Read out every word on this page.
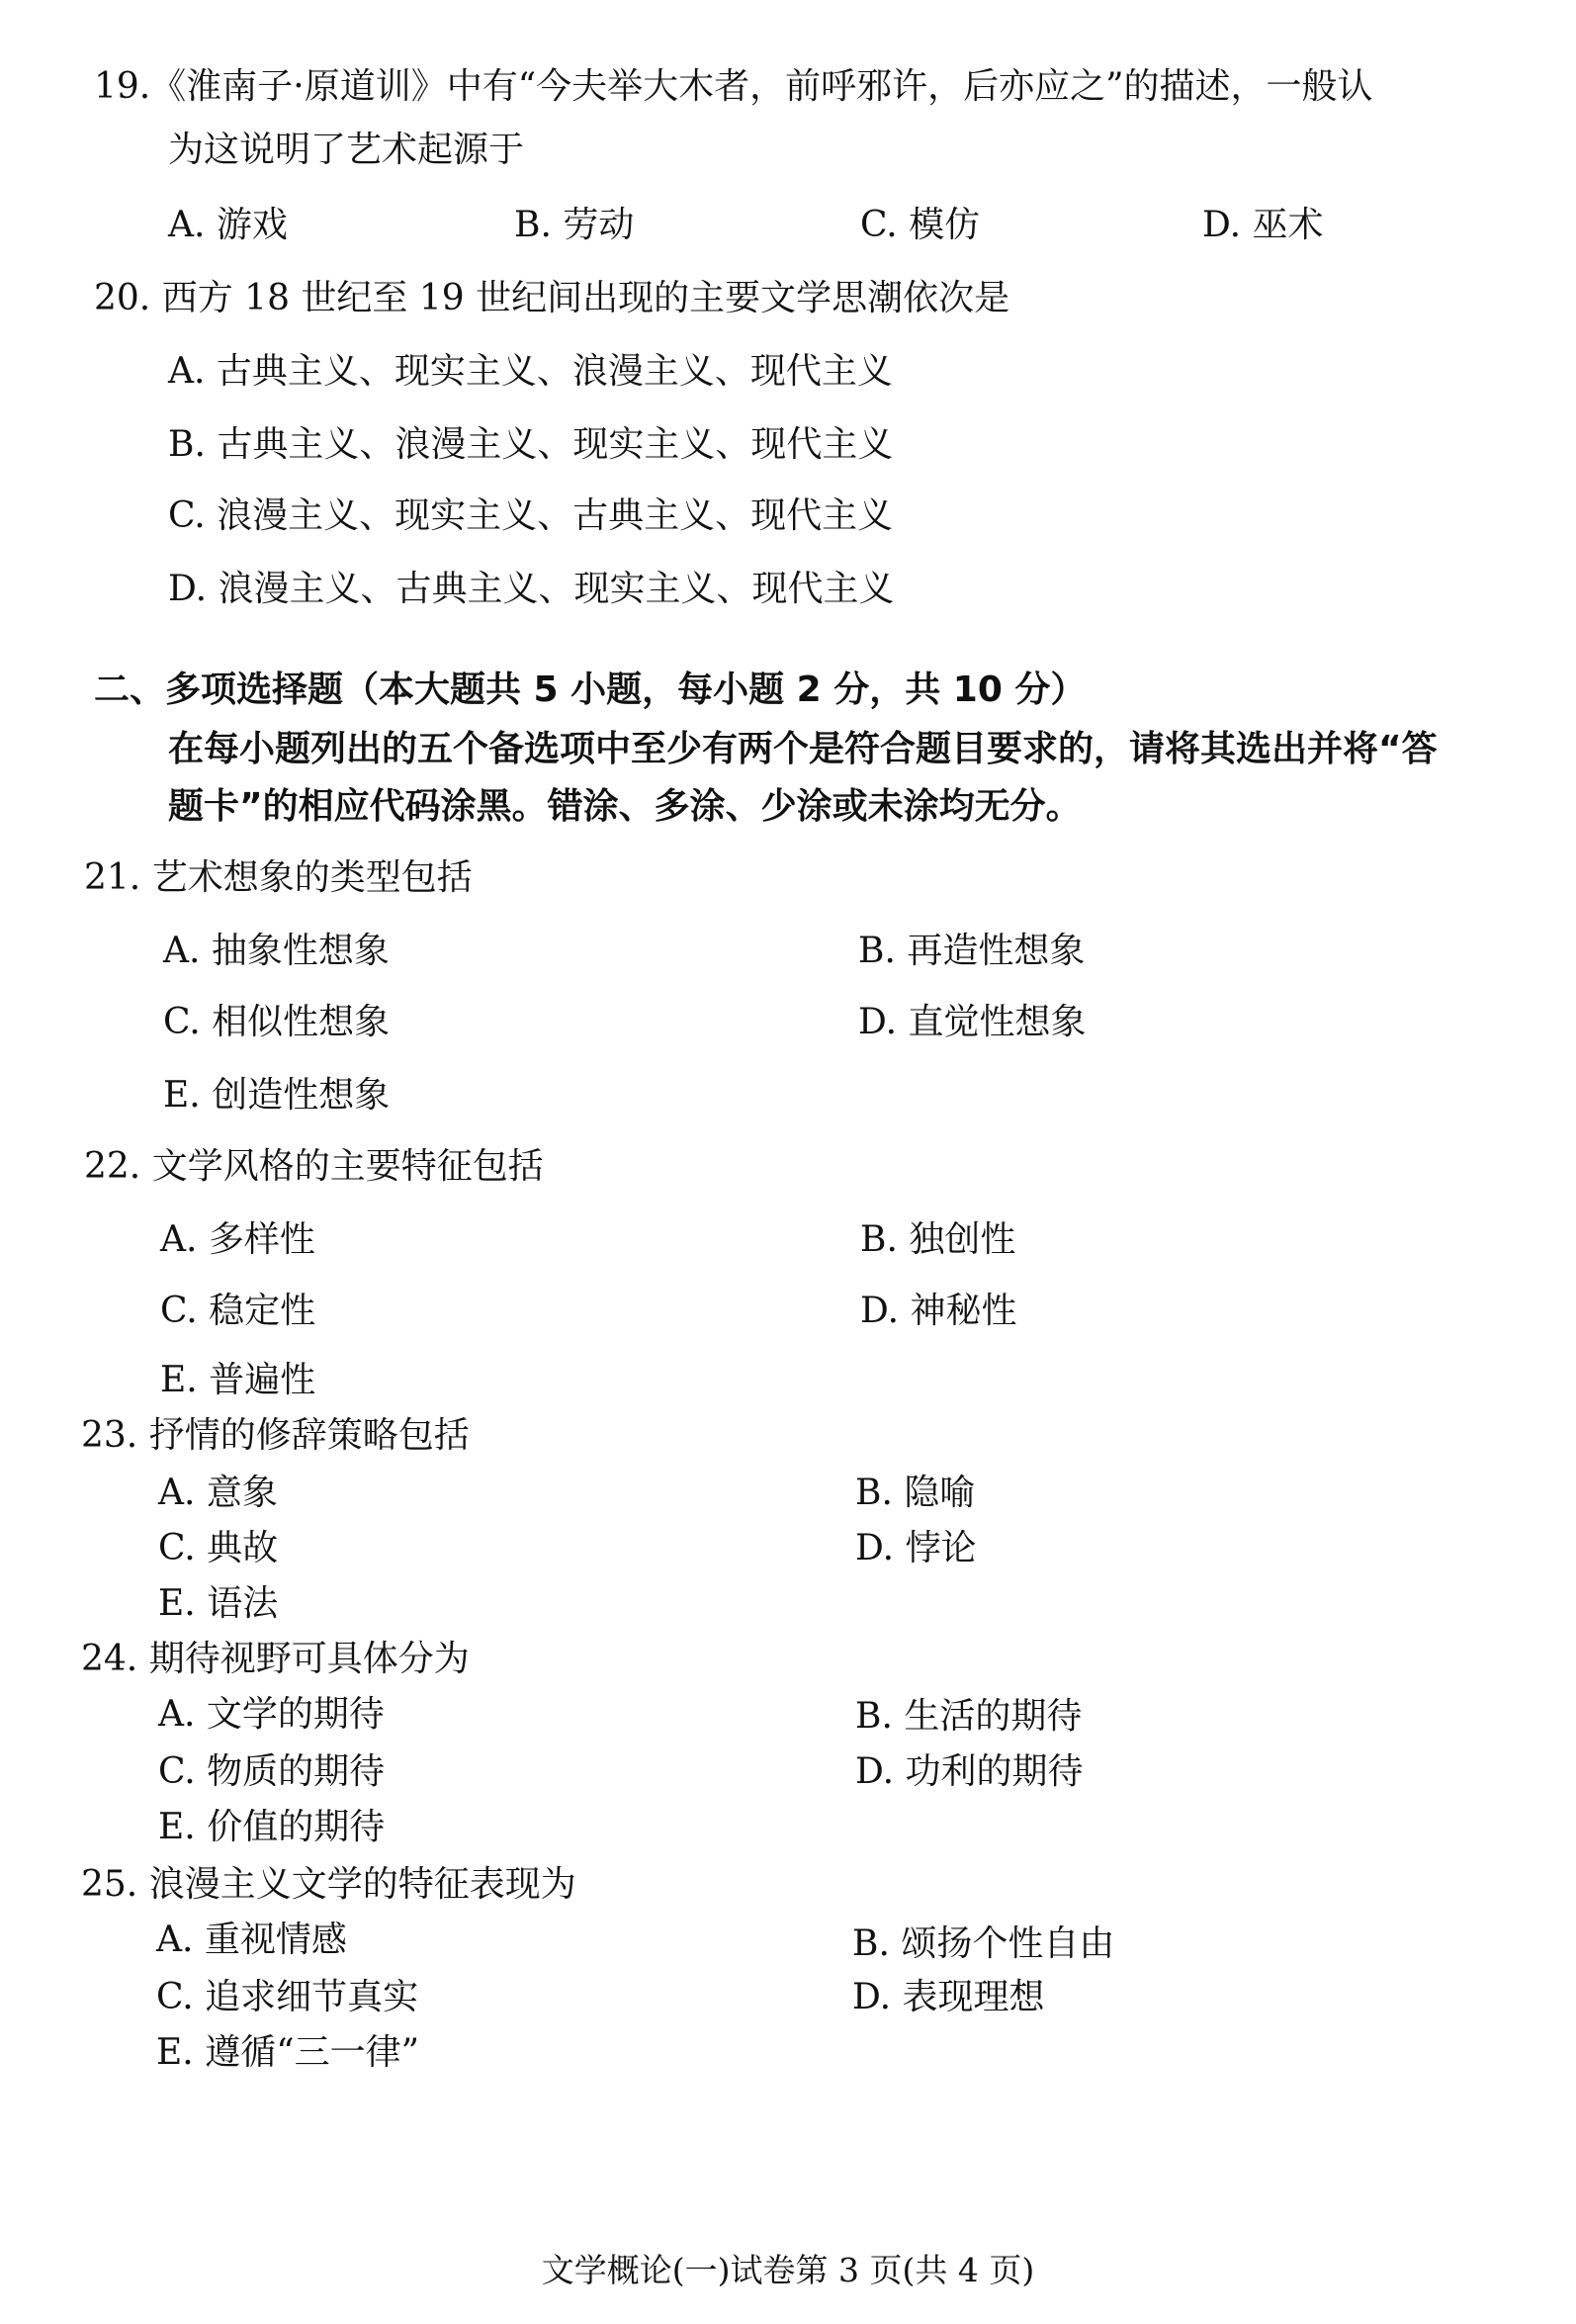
19.《淮南子·原道训》中有“今夫举大木者，前呼邪许，后亦应之”的描述，一般认
为这说明了艺术起源于
A. 游戏	B. 劳动	C. 模仿	D. 巫术
20. 西方 18 世纪至 19 世纪间出现的主要文学思潮依次是
A. 古典主义、现实主义、浪漫主义、现代主义
B. 古典主义、浪漫主义、现实主义、现代主义
C. 浪漫主义、现实主义、古典主义、现代主义
D. 浪漫主义、古典主义、现实主义、现代主义
二、多项选择题（本大题共 5 小题，每小题 2 分，共 10 分）
在每小题列出的五个备选项中至少有两个是符合题目要求的，请将其选出并将“答
题卡”的相应代码涂黑。错涂、多涂、少涂或未涂均无分。
21. 艺术想象的类型包括
A. 抽象性想象	B. 再造性想象
C. 相似性想象	D. 直觉性想象
E. 创造性想象
22. 文学风格的主要特征包括
A. 多样性	B. 独创性
C. 稳定性	D. 神秘性
E. 普遍性
23. 抒情的修辞策略包括
A. 意象	B. 隐喻
C. 典故	D. 悖论
E. 语法
24. 期待视野可具体分为
A. 文学的期待	B. 生活的期待
C. 物质的期待	D. 功利的期待
E. 价值的期待
25. 浪漫主义文学的特征表现为
A. 重视情感	B. 颂扬个性自由
C. 追求细节真实	D. 表现理想
E. 遵循“三一律”
文学概论(一)试卷第 3 页(共 4 页)
